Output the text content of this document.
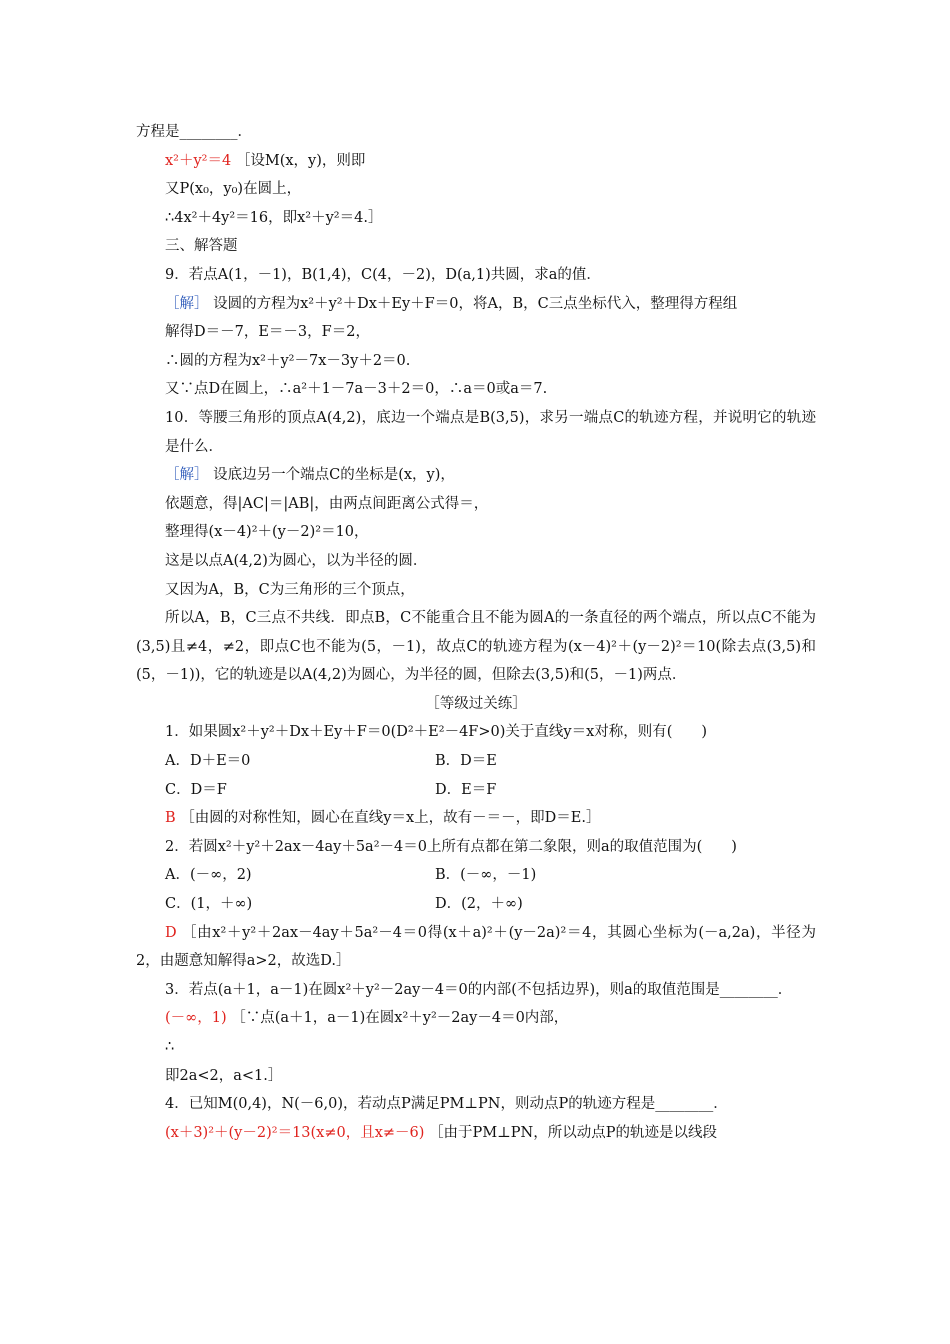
方程是________．
x²＋y²＝4 ［设M(x，y)，则即
又P(x₀，y₀)在圆上，
∴4x²＋4y²＝16，即x²＋y²＝4.］
三、解答题
9．若点A(1，－1)，B(1,4)，C(4，－2)，D(a,1)共圆，求a的值．
［解］ 设圆的方程为x²＋y²＋Dx＋Ey＋F＝0，将A，B，C三点坐标代入，整理得方程组
解得D＝－7，E＝－3，F＝2，
∴圆的方程为x²＋y²－7x－3y＋2＝0.
又∵点D在圆上，∴a²＋1－7a－3＋2＝0，∴a＝0或a＝7.
10．等腰三角形的顶点A(4,2)，底边一个端点是B(3,5)，求另一端点C的轨迹方程，并说明它的轨迹是什么．
［解］ 设底边另一个端点C的坐标是(x，y)，
依题意，得|AC|＝|AB|，由两点间距离公式得＝，
整理得(x－4)²＋(y－2)²＝10，
这是以点A(4,2)为圆心，以为半径的圆．
又因为A，B，C为三角形的三个顶点，
所以A，B，C三点不共线．即点B，C不能重合且不能为圆A的一条直径的两个端点，所以点C不能为(3,5)且≠4，≠2，即点C也不能为(5，－1)，故点C的轨迹方程为(x－4)²＋(y－2)²＝10(除去点(3,5)和(5，－1))，它的轨迹是以A(4,2)为圆心，为半径的圆，但除去(3,5)和(5，－1)两点．
［等级过关练］
1．如果圆x²＋y²＋Dx＋Ey＋F＝0(D²＋E²－4F>0)关于直线y＝x对称，则有(　　)
A．D＋E＝0	B．D＝E
C．D＝F	D．E＝F
B ［由圆的对称性知，圆心在直线y＝x上，故有－＝－，即D＝E.］
2．若圆x²＋y²＋2ax－4ay＋5a²－4＝0上所有点都在第二象限，则a的取值范围为(　　)
A．(－∞，2)	B．(－∞，－1)
C．(1，＋∞)	D．(2，＋∞)
D ［由x²＋y²＋2ax－4ay＋5a²－4＝0得(x＋a)²＋(y－2a)²＝4，其圆心坐标为(－a,2a)，半径为2，由题意知解得a>2，故选D.］
3．若点(a＋1，a－1)在圆x²＋y²－2ay－4＝0的内部(不包括边界)，则a的取值范围是________．
(－∞，1) ［∵点(a＋1，a－1)在圆x²＋y²－2ay－4＝0内部，
∴
即2a<2，a<1.］
4．已知M(0,4)，N(－6,0)，若动点P满足PM⊥PN，则动点P的轨迹方程是________．
(x＋3)²＋(y－2)²＝13(x≠0，且x≠－6) ［由于PM⊥PN，所以动点P的轨迹是以线段
